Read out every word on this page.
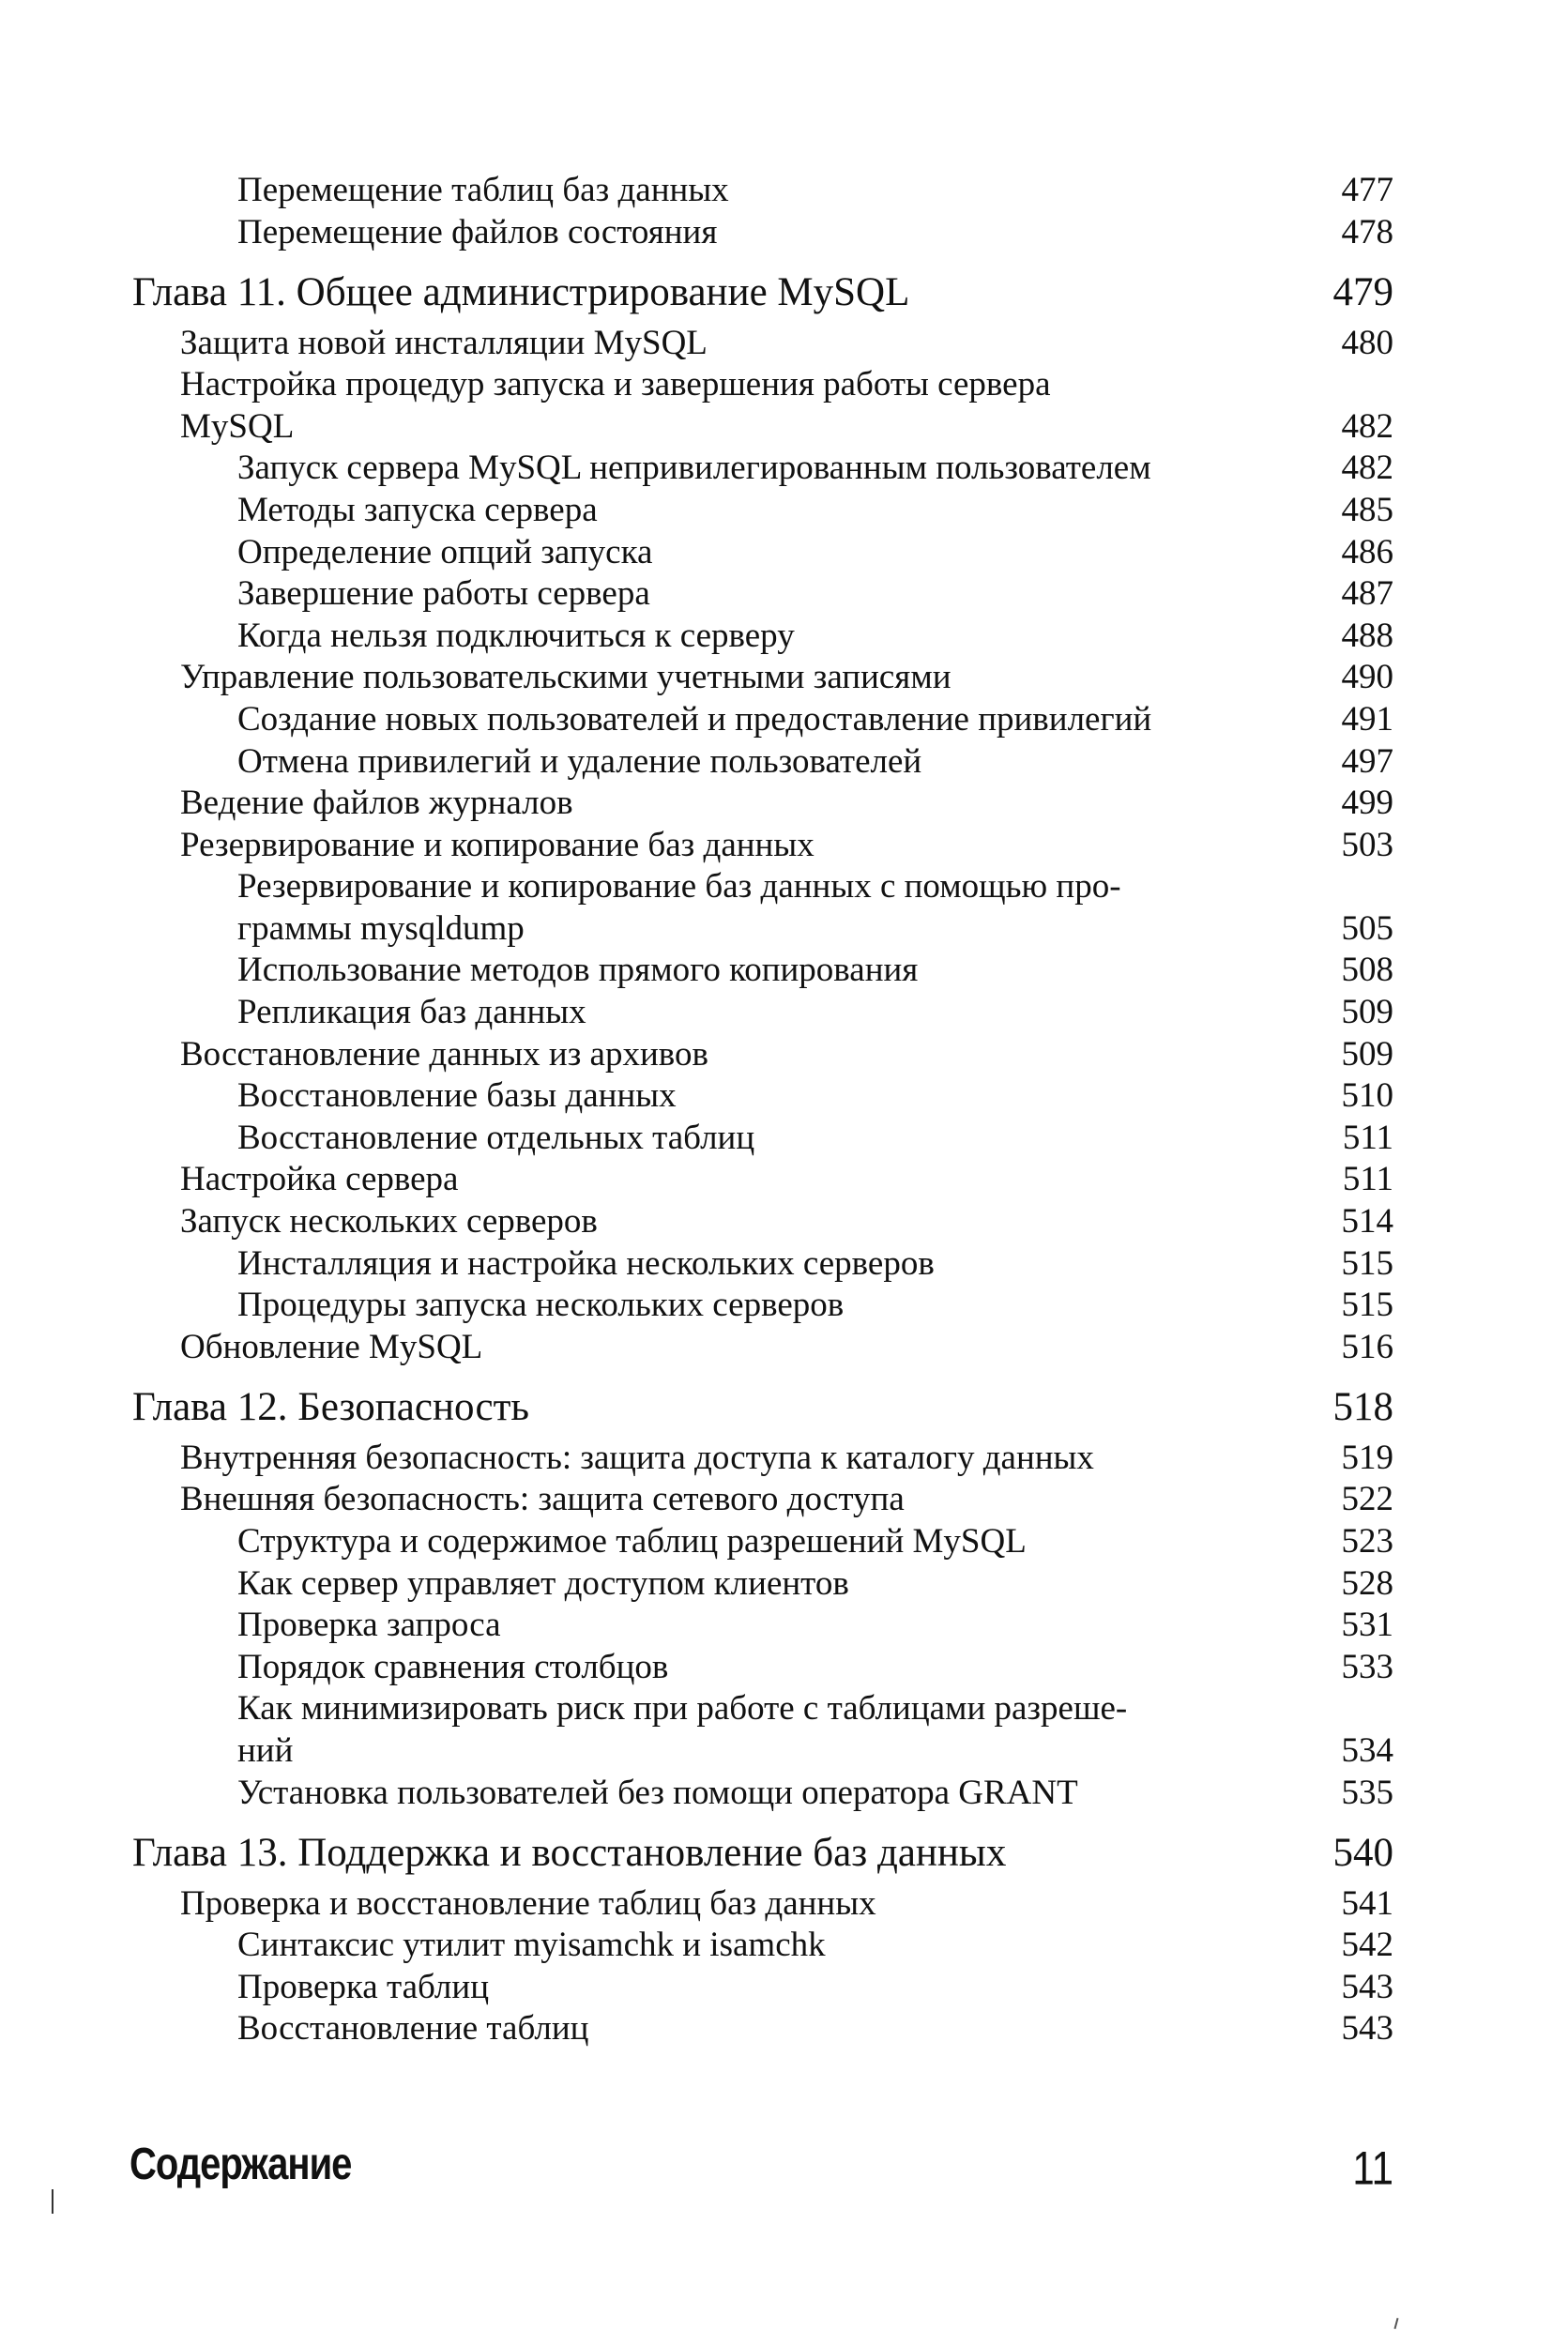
Перемещение таблиц баз данных	477
Перемещение файлов состояния	478
Глава 11. Общее администрирование MySQL	479
Защита новой инсталляции MySQL	480
Настройка процедур запуска и завершения работы сервера
MySQL	482
Запуск сервера MySQL непривилегированным пользователем	482
Методы запуска сервера	485
Определение опций запуска	486
Завершение работы сервера	487
Когда нельзя подключиться к серверу	488
Управление пользовательскими учетными записями	490
Создание новых пользователей и предоставление привилегий	491
Отмена привилегий и удаление пользователей	497
Ведение файлов журналов	499
Резервирование и копирование баз данных	503
Резервирование и копирование баз данных с помощью про-
граммы mysqldump	505
Использование методов прямого копирования	508
Репликация баз данных	509
Восстановление данных из архивов	509
Восстановление базы данных	510
Восстановление отдельных таблиц	511
Настройка сервера	511
Запуск нескольких серверов	514
Инсталляция и настройка нескольких серверов	515
Процедуры запуска нескольких серверов	515
Обновление MySQL	516
Глава 12. Безопасность	518
Внутренняя безопасность: защита доступа к каталогу данных	519
Внешняя безопасность: защита сетевого доступа	522
Структура и содержимое таблиц разрешений MySQL	523
Как сервер управляет доступом клиентов	528
Проверка запроса	531
Порядок сравнения столбцов	533
Как минимизировать риск при работе с таблицами разреше-
ний	534
Установка пользователей без помощи оператора GRANT	535
Глава 13. Поддержка и восстановление баз данных	540
Проверка и восстановление таблиц баз данных	541
Синтаксис утилит myisamchk и isamchk	542
Проверка таблиц	543
Восстановление таблиц	543
Содержание	11
